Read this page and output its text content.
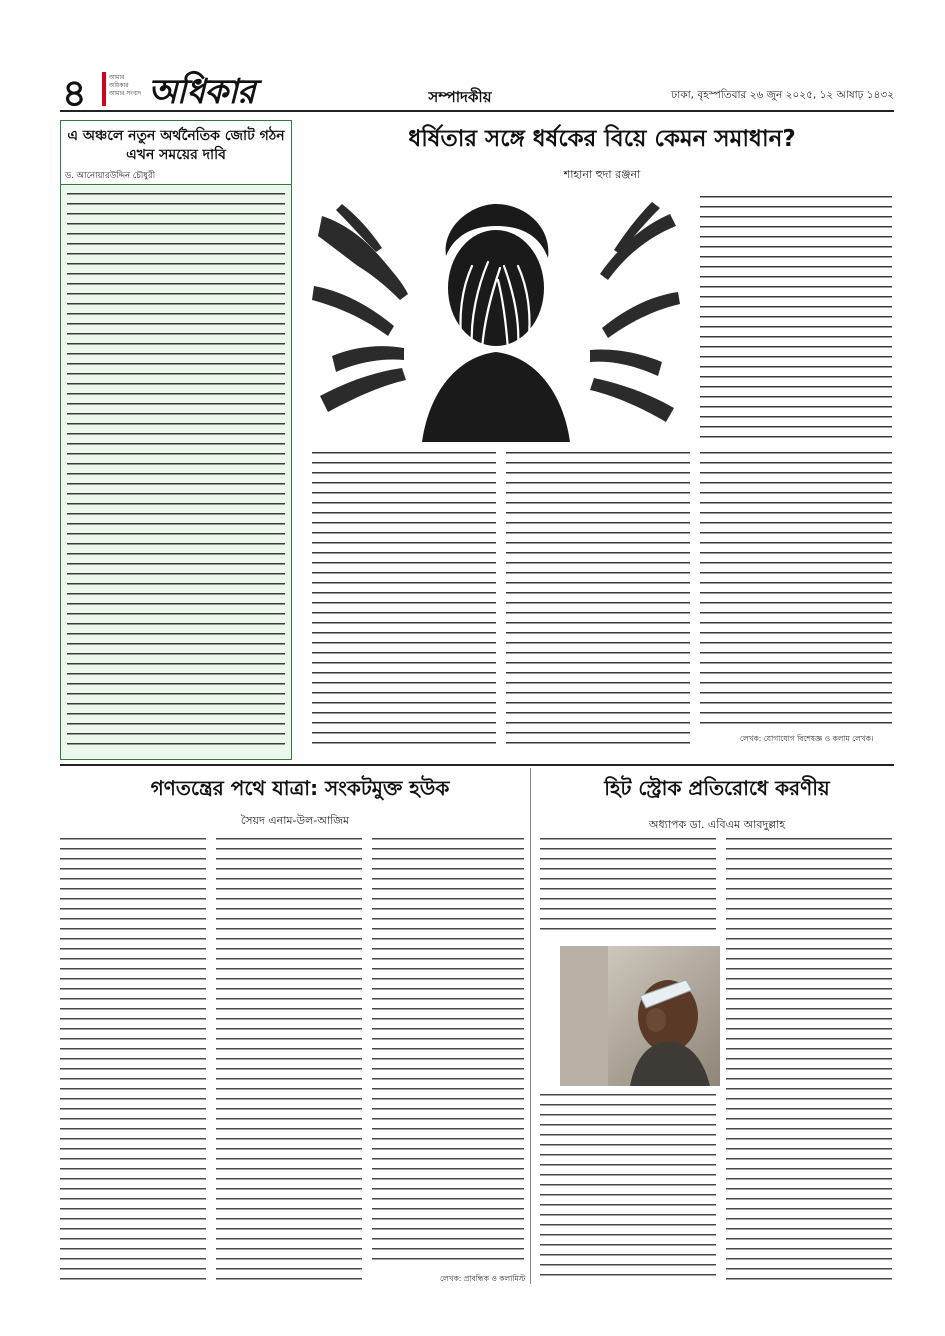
৪	আমার অধিকার আমার সংবাদ অধিকার	সম্পাদকীয়	ঢাকা, বৃহস্পতিবার ২৬ জুন ২০২৫, ১২ আষাঢ় ১৪৩২
এ অঞ্চলে নতুন অর্থনৈতিক জোট গঠন এখন সময়ের দাবি
ড. আনোয়ারউদ্দিন চৌধুরী
ধর্ষিতার সঙ্গে ধর্ষকের বিয়ে কেমন সমাধান?
শাহানা হুদা রঞ্জনা
লেখক: যোগাযোগ বিশেষজ্ঞ ও কলাম লেখক।
গণতন্ত্রের পথে যাত্রা: সংকটমুক্ত হউক
সৈয়দ এনাম-উল-আজিম
হিট স্ট্রোক প্রতিরোধে করণীয়
অধ্যাপক ডা. এবিএম আবদুল্লাহ
লেখক: প্রাবন্ধিক ও কলামিস্ট
